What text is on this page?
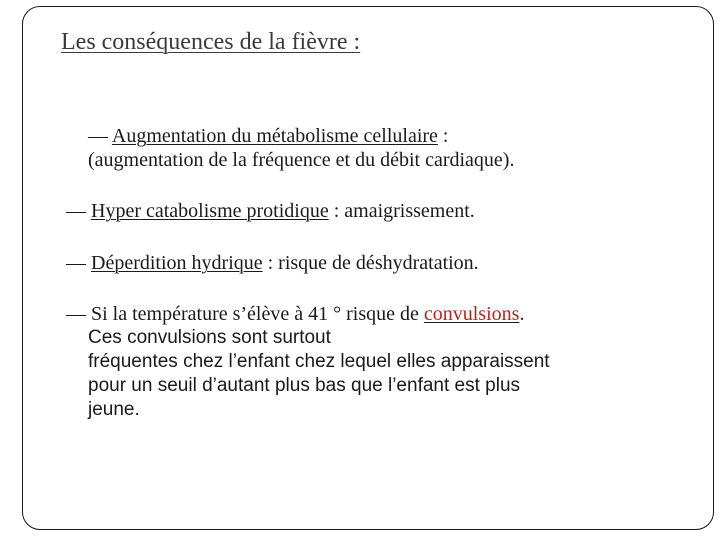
Les conséquences de la fièvre :
— Augmentation du métabolisme cellulaire :
(augmentation de la fréquence et du débit cardiaque).
— Hyper catabolisme protidique : amaigrissement.
— Déperdition hydrique : risque de déshydratation.
— Si la température s’élève à 41 ° risque de convulsions.
Ces convulsions sont surtout
fréquentes chez l’enfant chez lequel elles apparaissent
pour un seuil d’autant plus bas que l’enfant est plus
jeune.
